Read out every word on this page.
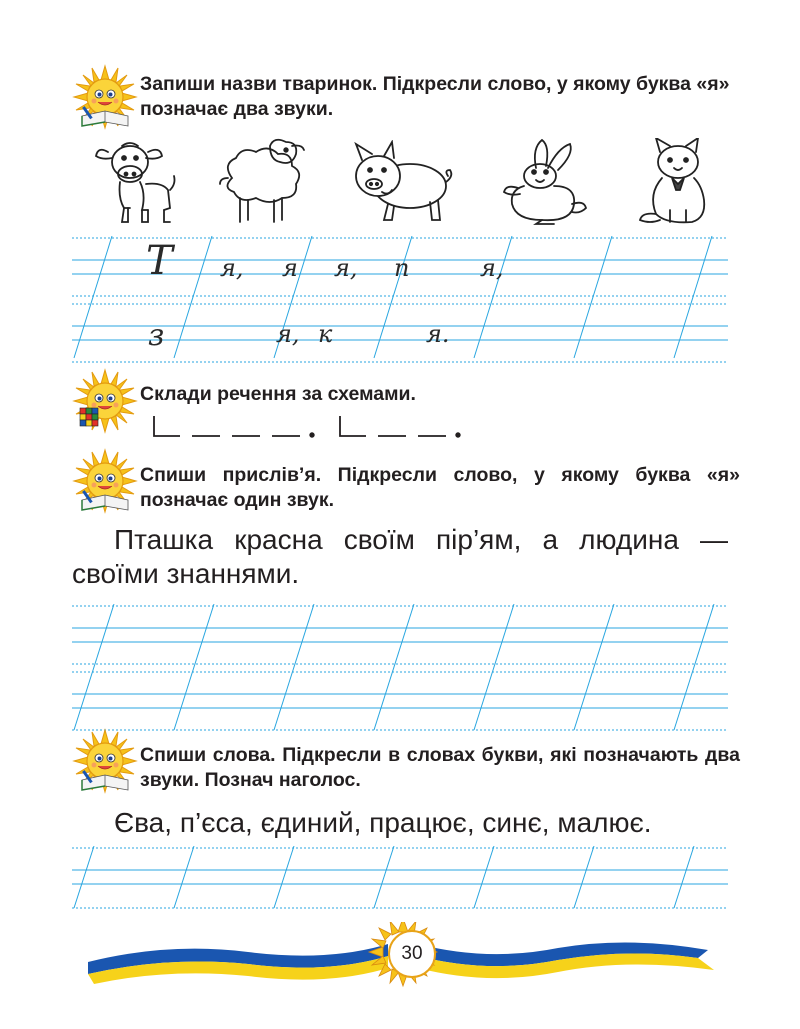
Запиши назви тваринок. Підкресли слово, у якому буква «я» позначає два звуки.

Т я, я я, п	я,
з	я, к	я.

Склади речення за схемами.

└ __ __ __ . └ __ __ .

Спиши прислів’я. Підкресли слово, у якому буква «я» позначає один звук.

Пташка красна своїм пір’ям, а людина —
своїми знаннями.

Спиши слова. Підкресли в словах букви, які позначають два звуки. Познач наголос.

Єва, п’єса, єдиний, працює, синє, малює.

30
